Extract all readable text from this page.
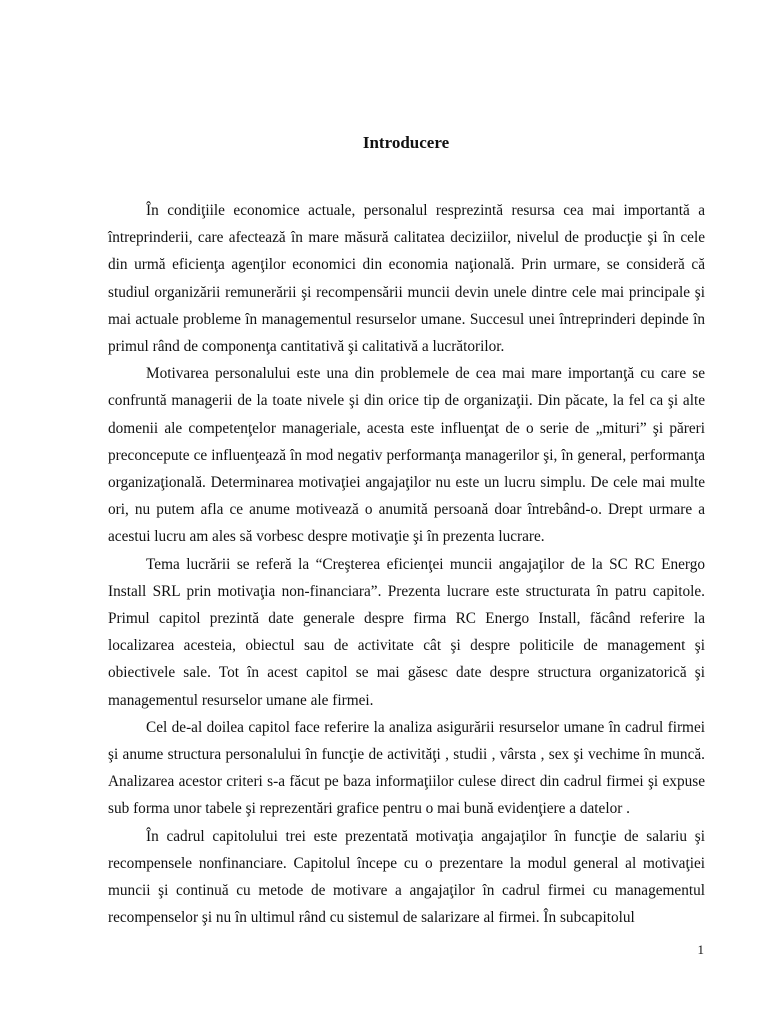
Introducere

În condiţiile economice actuale, personalul resprezintă resursa cea mai importantă a întreprinderii, care afectează în mare măsură calitatea deciziilor, nivelul de producţie şi în cele din urmă eficienţa agenţilor economici din economia naţională. Prin urmare, se consideră că studiul organizării remunerării şi recompensării muncii devin unele dintre cele mai principale şi mai actuale probleme în managementul resurselor umane. Succesul unei întreprinderi depinde în primul rând de componenţa cantitativă şi calitativă a lucrătorilor.

Motivarea personalului este una din problemele de cea mai mare importanţă cu care se confruntă managerii de la toate nivele şi din orice tip de organizaţii. Din păcate, la fel ca şi alte domenii ale competenţelor manageriale, acesta este influenţat de o serie de „mituri” şi păreri preconcepute ce influenţează în mod negativ performanţa managerilor şi, în general, performanţa organizaţională. Determinarea motivaţiei angajaţilor nu este un lucru simplu. De cele mai multe ori, nu putem afla ce anume motivează o anumită persoană doar întrebând-o. Drept urmare a acestui lucru am ales să vorbesc despre motivaţie şi în prezenta lucrare.

Tema lucrării se referă la “Creşterea eficienţei muncii angajaţilor de la SC RC Energo Install SRL prin motivaţia non-financiara”. Prezenta lucrare este structurata în patru capitole. Primul capitol prezintă date generale despre firma RC Energo Install, făcând referire la localizarea acesteia, obiectul sau de activitate cât şi despre politicile de management şi obiectivele sale. Tot în acest capitol se mai găsesc date despre structura organizatorică şi managementul resurselor umane ale firmei.

Cel de-al doilea capitol face referire la analiza asigurării resurselor umane în cadrul firmei şi anume structura personalului în funcţie de activităţi , studii , vârsta , sex şi vechime în muncă. Analizarea acestor criteri s-a făcut pe baza informaţiilor culese direct din cadrul firmei şi expuse sub forma unor tabele şi reprezentări grafice pentru o mai bună evidenţiere a datelor .

În cadrul capitolului trei este prezentată motivaţia angajaţilor în funcţie de salariu şi recompensele nonfinanciare. Capitolul începe cu o prezentare la modul general al motivaţiei muncii şi continuă cu metode de motivare a angajaţilor în cadrul firmei cu managementul recompenselor şi nu în ultimul rând cu sistemul de salarizare al firmei. În subcapitolul

1
